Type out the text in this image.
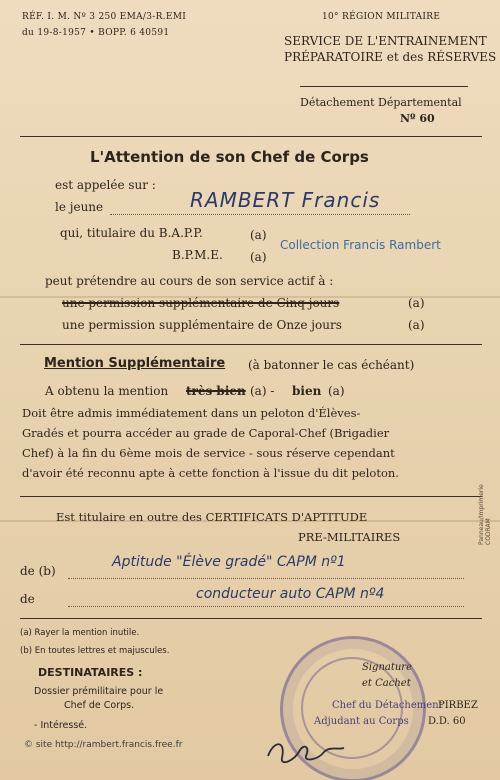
RÉF. I. M. Nº 3 250 EMA/3-R.EMI
du 19-8-1957 • BOPP. 6 40591
10° RÉGION MILITAIRE
SERVICE DE L'ENTRAINEMENT
PRÉPARATOIRE et des RÉSERVES
Détachement Départemental
Nº 60
L'Attention de son Chef de Corps
est appelée sur :
le jeune	RAMBERT Francis
qui, titulaire du B.A.P.P.	(a)
Collection Francis Rambert
B.P.M.E. (a)
peut prétendre au cours de son service actif à :
une permission supplémentaire de Cinq jours	(a)
une permission supplémentaire de Onze jours	(a)
Mention Supplémentaire (à batonner le cas échéant)
A obtenu la mention très bien (a) - bien (a)
Doit être admis immédiatement dans un peloton d'Élèves-
Gradés et pourra accéder au grade de Caporal-Chef (Brigadier
Chef) à la fin du 6ème mois de service - sous réserve cependant
d'avoir été reconnu apte à cette fonction à l'issue du dit peloton.
Est titulaire en outre des CERTIFICATS D'APTITUDE
PRE-MILITAIRES
de (b)
Aptitude "Élève gradé" CAPM nº1
de	conducteur auto CAPM nº4
Panneau/Imprimerie CODRAM
(a) Rayer la mention inutile.
(b) En toutes lettres et majuscules.
DESTINATAIRES :
Dossier prémilitaire pour le
Chef de Corps.
- Intéressé.
Signature
et Cachet
Chef du Détachement
PIRBEZ
Adjudant au Corps D.D. 60
© site http://rambert.francis.free.fr
